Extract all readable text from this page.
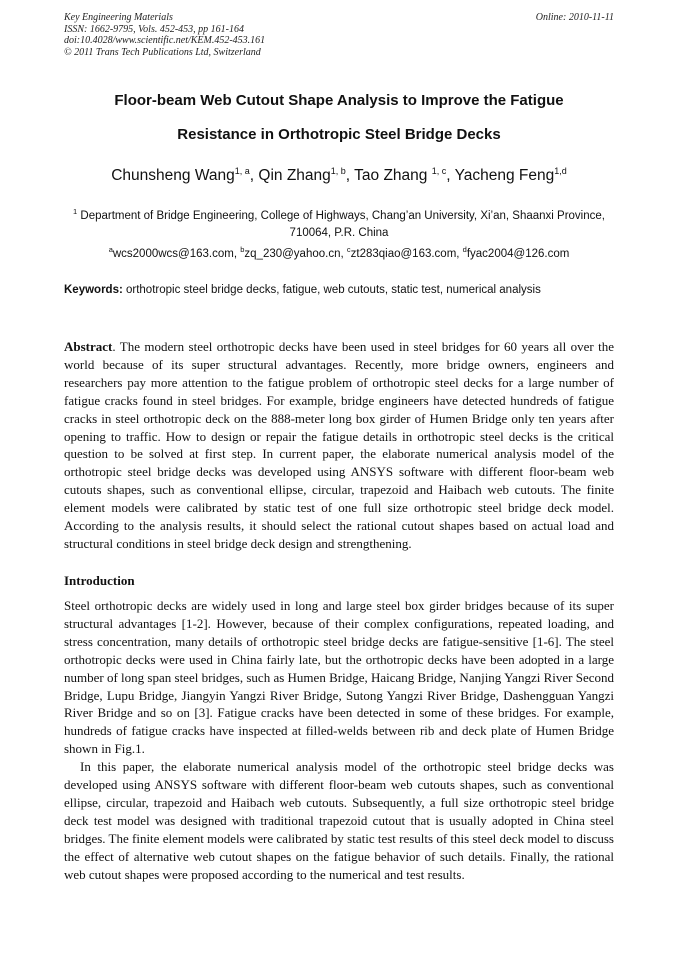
Key Engineering Materials
ISSN: 1662-9795, Vols. 452-453, pp 161-164
doi:10.4028/www.scientific.net/KEM.452-453.161
© 2011 Trans Tech Publications Ltd, Switzerland
Online: 2010-11-11
Floor-beam Web Cutout Shape Analysis to Improve the Fatigue
Resistance in Orthotropic Steel Bridge Decks
Chunsheng Wang$^{1, a}$, Qin Zhang$^{1, b}$, Tao Zhang $^{1, c}$, Yacheng Feng$^{1,d}$
$^1$ Department of Bridge Engineering, College of Highways, Chang’an University, Xi’an, Shaanxi Province, 710064, P.R. China
$^a$wcs2000wcs@163.com, $^b$zq_230@yahoo.cn, $^c$zt283qiao@163.com, $^d$fyac2004@126.com
Keywords: orthotropic steel bridge decks, fatigue, web cutouts, static test, numerical analysis
Abstract. The modern steel orthotropic decks have been used in steel bridges for 60 years all over the world because of its super structural advantages. Recently, more bridge owners, engineers and researchers pay more attention to the fatigue problem of orthotropic steel decks for a large number of fatigue cracks found in steel bridges. For example, bridge engineers have detected hundreds of fatigue cracks in steel orthotropic deck on the 888-meter long box girder of Humen Bridge only ten years after opening to traffic. How to design or repair the fatigue details in orthotropic steel decks is the critical question to be solved at first step. In current paper, the elaborate numerical analysis model of the orthotropic steel bridge decks was developed using ANSYS software with different floor-beam web cutouts shapes, such as conventional ellipse, circular, trapezoid and Haibach web cutouts. The finite element models were calibrated by static test of one full size orthotropic steel bridge deck model. According to the analysis results, it should select the rational cutout shapes based on actual load and structural conditions in steel bridge deck design and strengthening.
Introduction

Steel orthotropic decks are widely used in long and large steel box girder bridges because of its super structural advantages [1-2]. However, because of their complex configurations, repeated loading, and stress concentration, many details of orthotropic steel bridge decks are fatigue-sensitive [1-6]. The steel orthotropic decks were used in China fairly late, but the orthotropic decks have been adopted in a large number of long span steel bridges, such as Humen Bridge, Haicang Bridge, Nanjing Yangzi River Second Bridge, Lupu Bridge, Jiangyin Yangzi River Bridge, Sutong Yangzi River Bridge, Dashengguan Yangzi River Bridge and so on [3]. Fatigue cracks have been detected in some of these bridges. For example, hundreds of fatigue cracks have inspected at filled-welds between rib and deck plate of Humen Bridge shown in Fig.1.

In this paper, the elaborate numerical analysis model of the orthotropic steel bridge decks was developed using ANSYS software with different floor-beam web cutouts shapes, such as conventional ellipse, circular, trapezoid and Haibach web cutouts. Subsequently, a full size orthotropic steel bridge deck test model was designed with traditional trapezoid cutout that is usually adopted in China steel bridges. The finite element models were calibrated by static test results of this steel deck model to discuss the effect of alternative web cutout shapes on the fatigue behavior of such details. Finally, the rational web cutout shapes were proposed according to the numerical and test results.
